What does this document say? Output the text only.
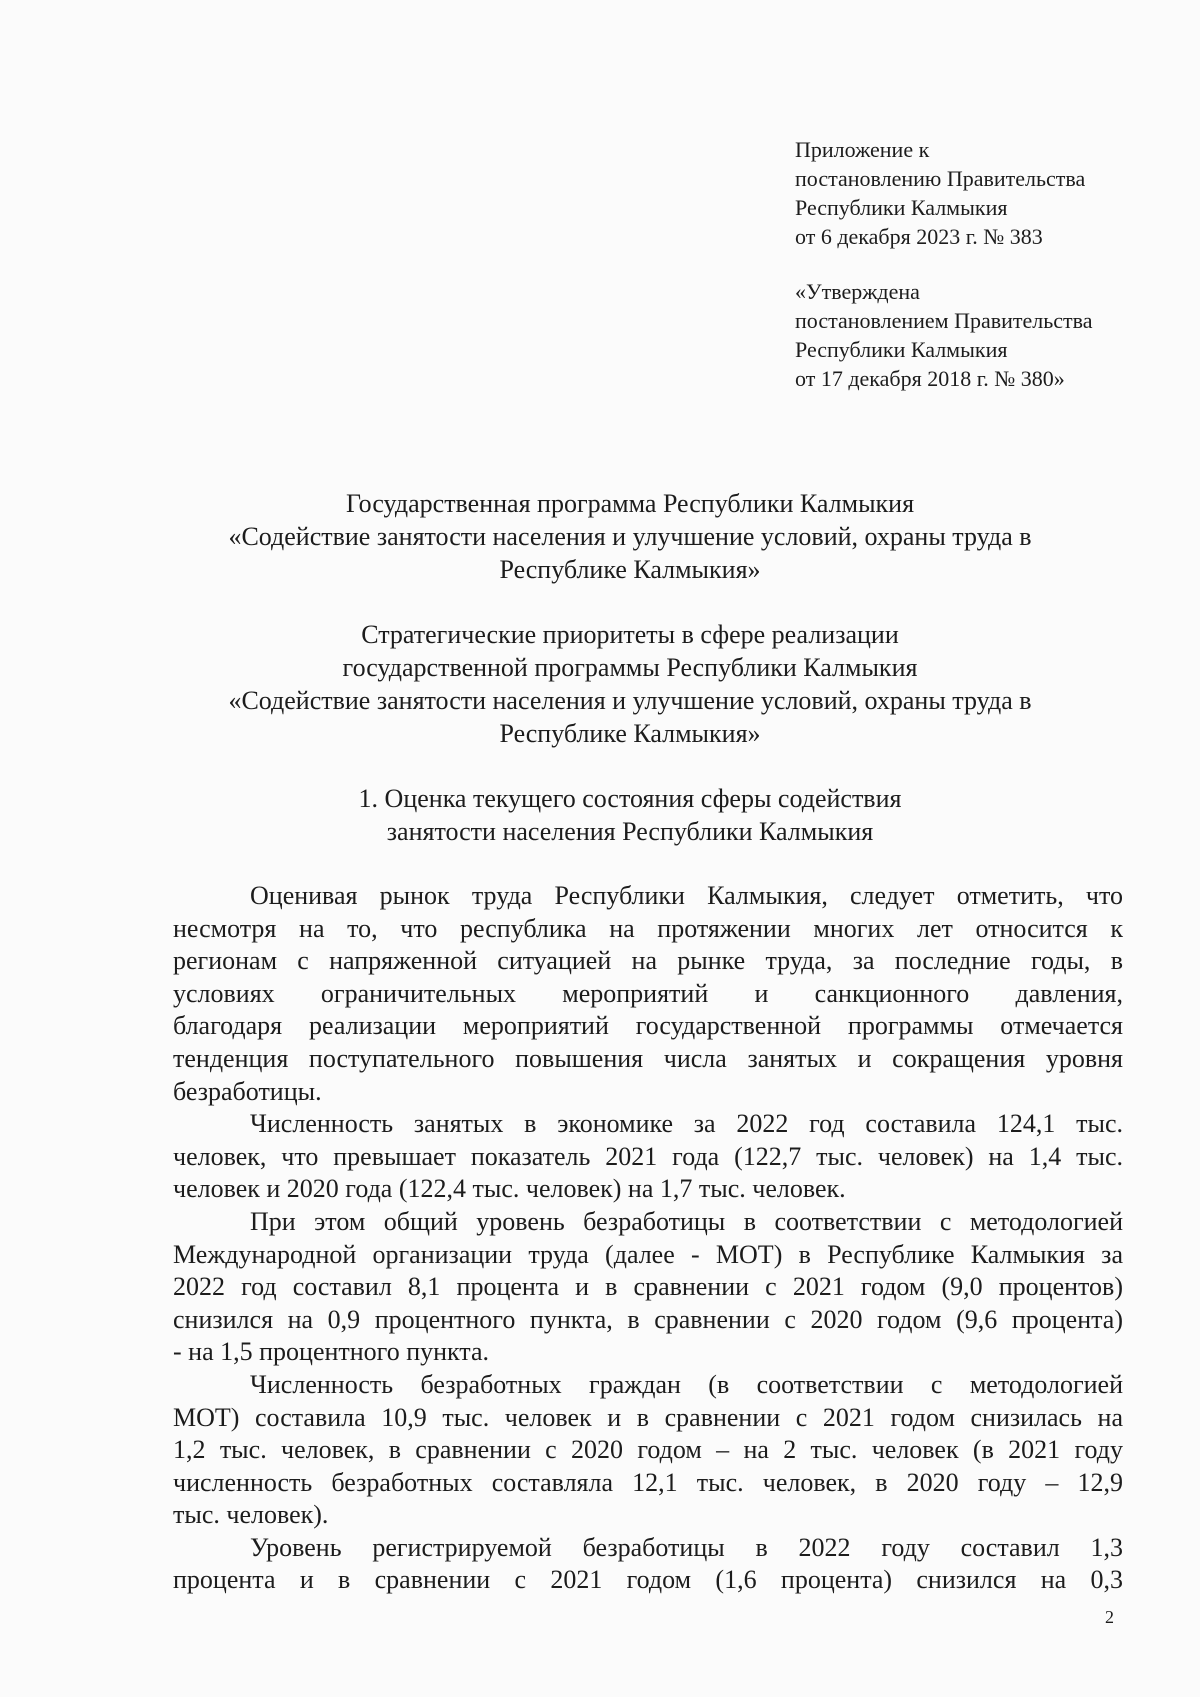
Приложение к
постановлению Правительства
Республики Калмыкия
от 6 декабря 2023 г. № 383
«Утверждена
постановлением Правительства
Республики Калмыкия
от 17 декабря 2018 г. № 380»
Государственная программа Республики Калмыкия
«Содействие занятости населения и улучшение условий, охраны труда в
Республике Калмыкия»
Стратегические приоритеты в сфере реализации
государственной программы Республики Калмыкия
«Содействие занятости населения и улучшение условий, охраны труда в
Республике Калмыкия»
1. Оценка текущего состояния сферы содействия
занятости населения Республики Калмыкия

Оценивая рынок труда Республики Калмыкия, следует отметить, что
несмотря на то, что республика на протяжении многих лет относится к
регионам с напряженной ситуацией на рынке труда, за последние годы, в
условиях ограничительных мероприятий и санкционного давления,
благодаря реализации мероприятий государственной программы отмечается
тенденция поступательного повышения числа занятых и сокращения уровня
безработицы.

Численность занятых в экономике за 2022 год составила 124,1 тыс.
человек, что превышает показатель 2021 года (122,7 тыс. человек) на 1,4 тыс.
человек и 2020 года (122,4 тыс. человек) на 1,7 тыс. человек.

При этом общий уровень безработицы в соответствии с методологией
Международной организации труда (далее - МОТ) в Республике Калмыкия за
2022 год составил 8,1 процента и в сравнении с 2021 годом (9,0 процентов)
снизился на 0,9 процентного пункта, в сравнении с 2020 годом (9,6 процента)
- на 1,5 процентного пункта.

Численность безработных граждан (в соответствии с методологией
МОТ) составила 10,9 тыс. человек и в сравнении с 2021 годом снизилась на
1,2 тыс. человек, в сравнении с 2020 годом – на 2 тыс. человек (в 2021 году
численность безработных составляла 12,1 тыс. человек, в 2020 году – 12,9
тыс. человек).

Уровень регистрируемой безработицы в 2022 году составил 1,3
процента и в сравнении с 2021 годом (1,6 процента) снизился на 0,3

2
